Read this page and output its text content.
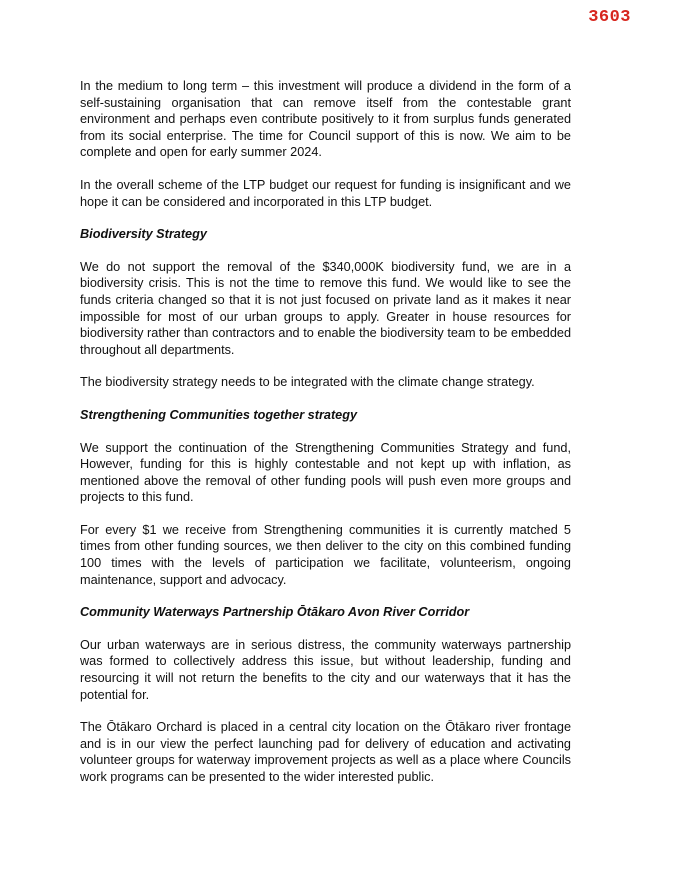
3603

In the medium to long term – this investment will produce a dividend in the form of a self-sustaining organisation that can remove itself from the contestable grant environment and perhaps even contribute positively to it from surplus funds generated from its social enterprise. The time for Council support of this is now. We aim to be complete and open for early summer 2024.

In the overall scheme of the LTP budget our request for funding is insignificant and we hope it can be considered and incorporated in this LTP budget.

Biodiversity Strategy

We do not support the removal of the $340,000K biodiversity fund, we are in a biodiversity crisis. This is not the time to remove this fund. We would like to see the funds criteria changed so that it is not just focused on private land as it makes it near impossible for most of our urban groups to apply. Greater in house resources for biodiversity rather than contractors and to enable the biodiversity team to be embedded throughout all departments.

The biodiversity strategy needs to be integrated with the climate change strategy.

Strengthening Communities together strategy

We support the continuation of the Strengthening Communities Strategy and fund, However, funding for this is highly contestable and not kept up with inflation, as mentioned above the removal of other funding pools will push even more groups and projects to this fund.

For every $1 we receive from Strengthening communities it is currently matched 5 times from other funding sources, we then deliver to the city on this combined funding 100 times with the levels of participation we facilitate, volunteerism, ongoing maintenance, support and advocacy.

Community Waterways Partnership Ōtākaro Avon River Corridor

Our urban waterways are in serious distress, the community waterways partnership was formed to collectively address this issue, but without leadership, funding and resourcing it will not return the benefits to the city and our waterways that it has the potential for.

The Ōtākaro Orchard is placed in a central city location on the Ōtākaro river frontage and is in our view the perfect launching pad for delivery of education and activating volunteer groups for waterway improvement projects as well as a place where Councils work programs can be presented to the wider interested public.
